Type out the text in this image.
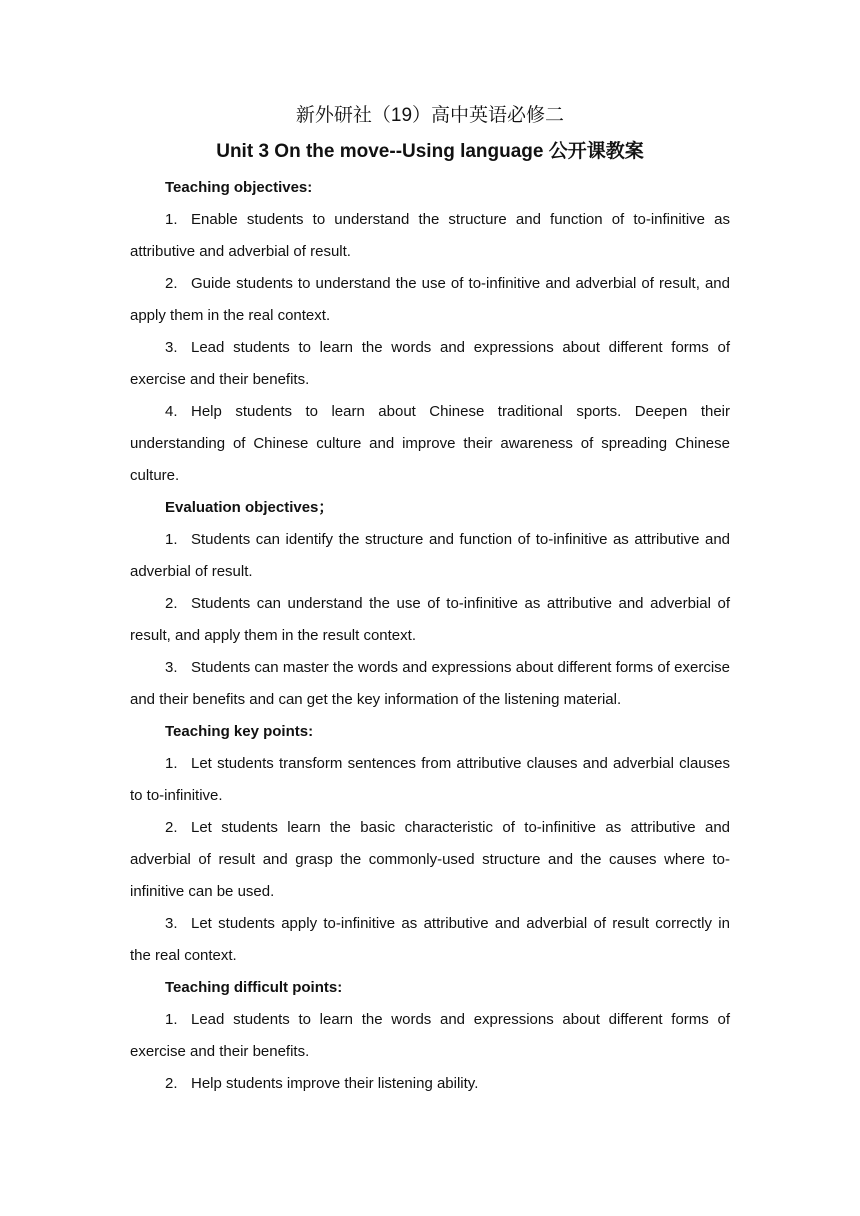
新外研社（19）高中英语必修二
Unit 3 On the move--Using language 公开课教案

Teaching objectives:

1. Enable students to understand the structure and function of to-infinitive as attributive and adverbial of result.

2. Guide students to understand the use of to-infinitive and adverbial of result, and apply them in the real context.

3. Lead students to learn the words and expressions about different forms of exercise and their benefits.

4. Help students to learn about Chinese traditional sports. Deepen their understanding of Chinese culture and improve their awareness of spreading Chinese culture.

Evaluation objectives；

1. Students can identify the structure and function of to-infinitive as attributive and adverbial of result.

2. Students can understand the use of to-infinitive as attributive and adverbial of result, and apply them in the result context.

3. Students can master the words and expressions about different forms of exercise and their benefits and can get the key information of the listening material.

Teaching key points:

1. Let students transform sentences from attributive clauses and adverbial clauses to to-infinitive.

2. Let students learn the basic characteristic of to-infinitive as attributive and adverbial of result and grasp the commonly-used structure and the causes where to-infinitive can be used.

3. Let students apply to-infinitive as attributive and adverbial of result correctly in the real context.

Teaching difficult points:

1. Lead students to learn the words and expressions about different forms of exercise and their benefits.

2. Help students improve their listening ability.
